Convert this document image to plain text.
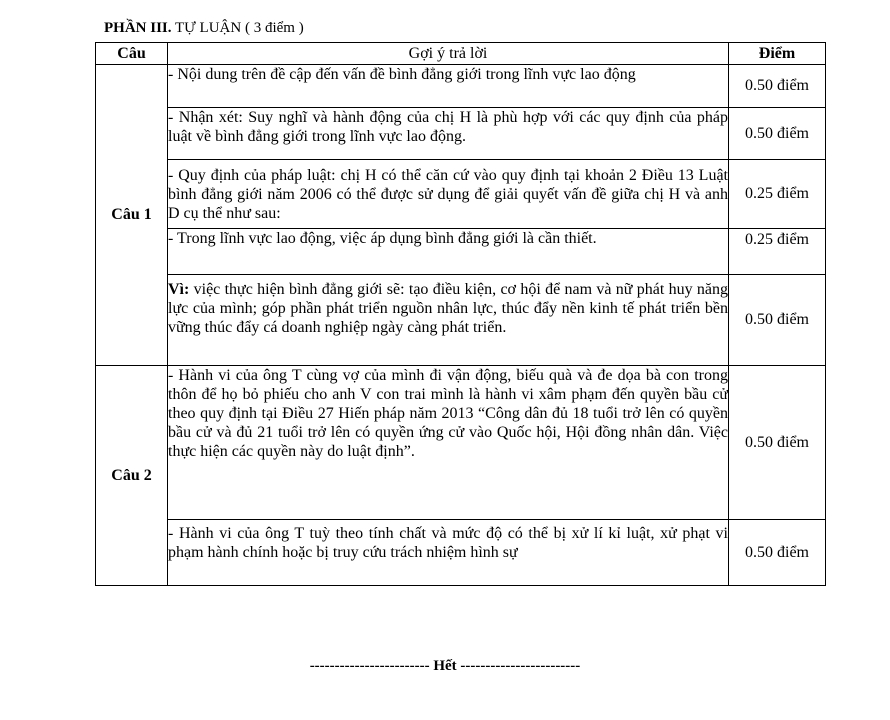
PHẦN III. TỰ LUẬN ( 3 điểm )
Câu	Gợi ý trả lời	Điểm
Câu 1	- Nội dung trên đề cập đến vấn đề bình đẳng giới trong lĩnh vực lao động	0.50 điểm
	- Nhận xét: Suy nghĩ và hành động của chị H là phù hợp với các quy định của pháp luật về bình đẳng giới trong lĩnh vực lao động.	0.50 điểm
	- Quy định của pháp luật: chị H có thể căn cứ vào quy định tại khoản 2 Điều 13 Luật bình đẳng giới năm 2006 có thể được sử dụng để giải quyết vấn đề giữa chị H và anh D cụ thể như sau:	0.25 điểm
	- Trong lĩnh vực lao động, việc áp dụng bình đẳng giới là cần thiết.	0.25 điểm
	Vì: việc thực hiện bình đẳng giới sẽ: tạo điều kiện, cơ hội để nam và nữ phát huy năng lực của mình; góp phần phát triển nguồn nhân lực, thúc đẩy nền kinh tế phát triển bền vững thúc đẩy cá doanh nghiệp ngày càng phát triển.	0.50 điểm
Câu 2	- Hành vi của ông T cùng vợ của mình đi vận động, biếu quà và đe dọa bà con trong thôn để họ bỏ phiếu cho anh V con trai mình là hành vi xâm phạm đến quyền bầu cử theo quy định tại Điều 27 Hiến pháp năm 2013 “Công dân đủ 18 tuổi trở lên có quyền bầu cử và đủ 21 tuổi trở lên có quyền ứng cử vào Quốc hội, Hội đồng nhân dân. Việc thực hiện các quyền này do luật định”.	0.50 điểm
	- Hành vi của ông T tuỳ theo tính chất và mức độ có thể bị xử lí kỉ luật, xử phạt vi phạm hành chính hoặc bị truy cứu trách nhiệm hình sự	0.50 điểm
------------------------ Hết ------------------------
